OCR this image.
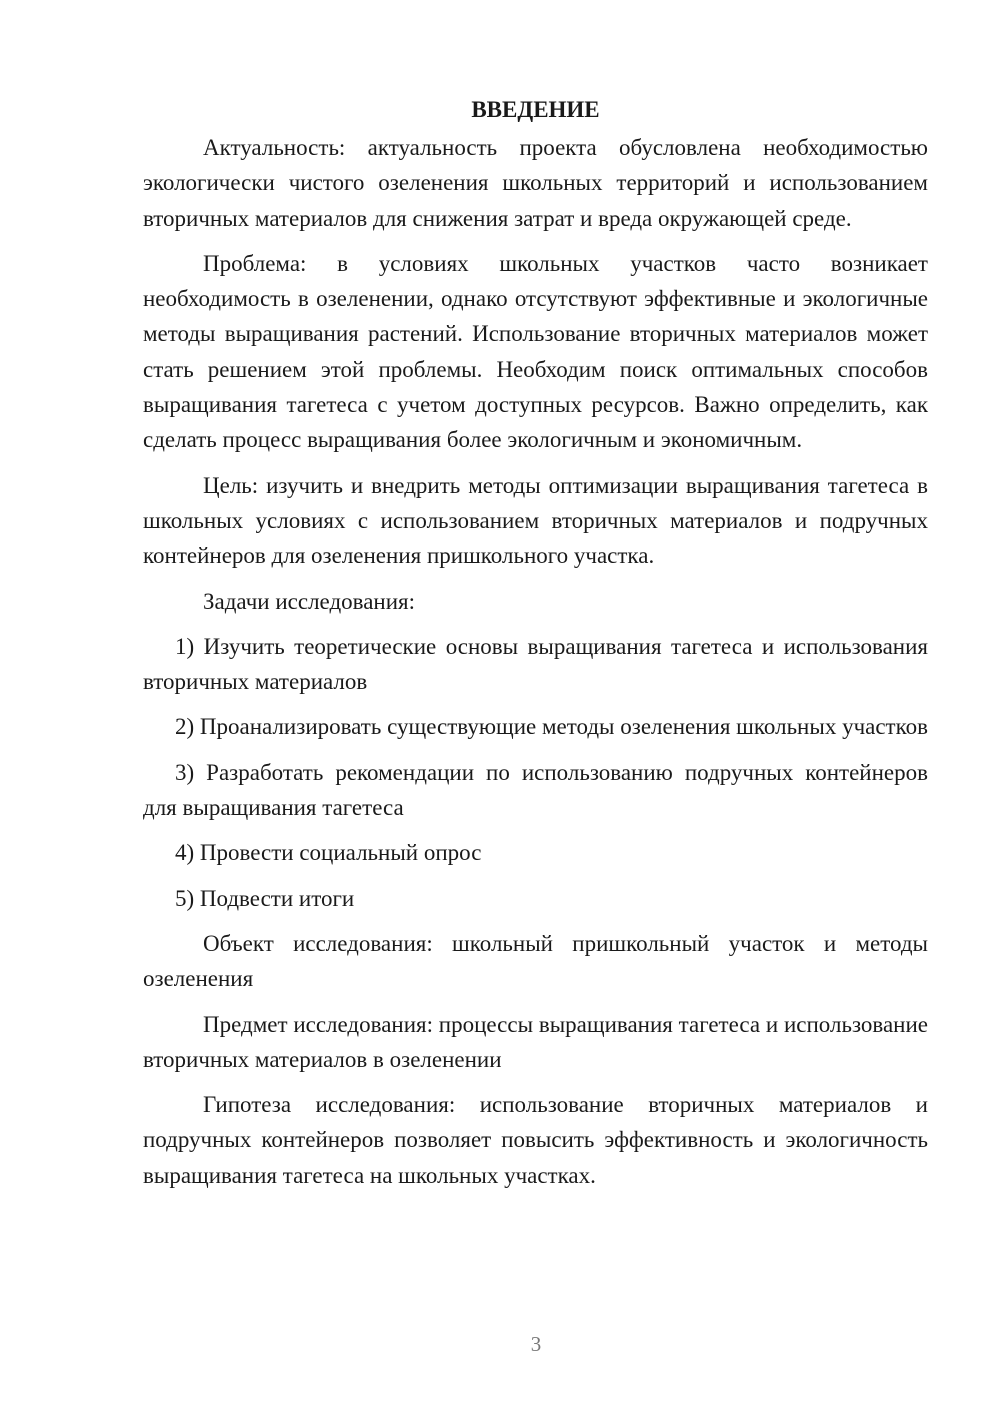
ВВЕДЕНИЕ

Актуальность: актуальность проекта обусловлена необходимостью экологически чистого озеленения школьных территорий и использованием вторичных материалов для снижения затрат и вреда окружающей среде.

Проблема: в условиях школьных участков часто возникает необходимость в озеленении, однако отсутствуют эффективные и экологичные методы выращивания растений. Использование вторичных материалов может стать решением этой проблемы. Необходим поиск оптимальных способов выращивания тагетеса с учетом доступных ресурсов. Важно определить, как сделать процесс выращивания более экологичным и экономичным.

Цель: изучить и внедрить методы оптимизации выращивания тагетеса в школьных условиях с использованием вторичных материалов и подручных контейнеров для озеленения пришкольного участка.

Задачи исследования:

1) Изучить теоретические основы выращивания тагетеса и использования вторичных материалов

2) Проанализировать существующие методы озеленения школьных участков

3) Разработать рекомендации по использованию подручных контейнеров для выращивания тагетеса

4) Провести социальный опрос

5) Подвести итоги

Объект исследования: школьный пришкольный участок и методы озеленения

Предмет исследования: процессы выращивания тагетеса и использование вторичных материалов в озеленении

Гипотеза исследования: использование вторичных материалов и подручных контейнеров позволяет повысить эффективность и экологичность выращивания тагетеса на школьных участках.

3
